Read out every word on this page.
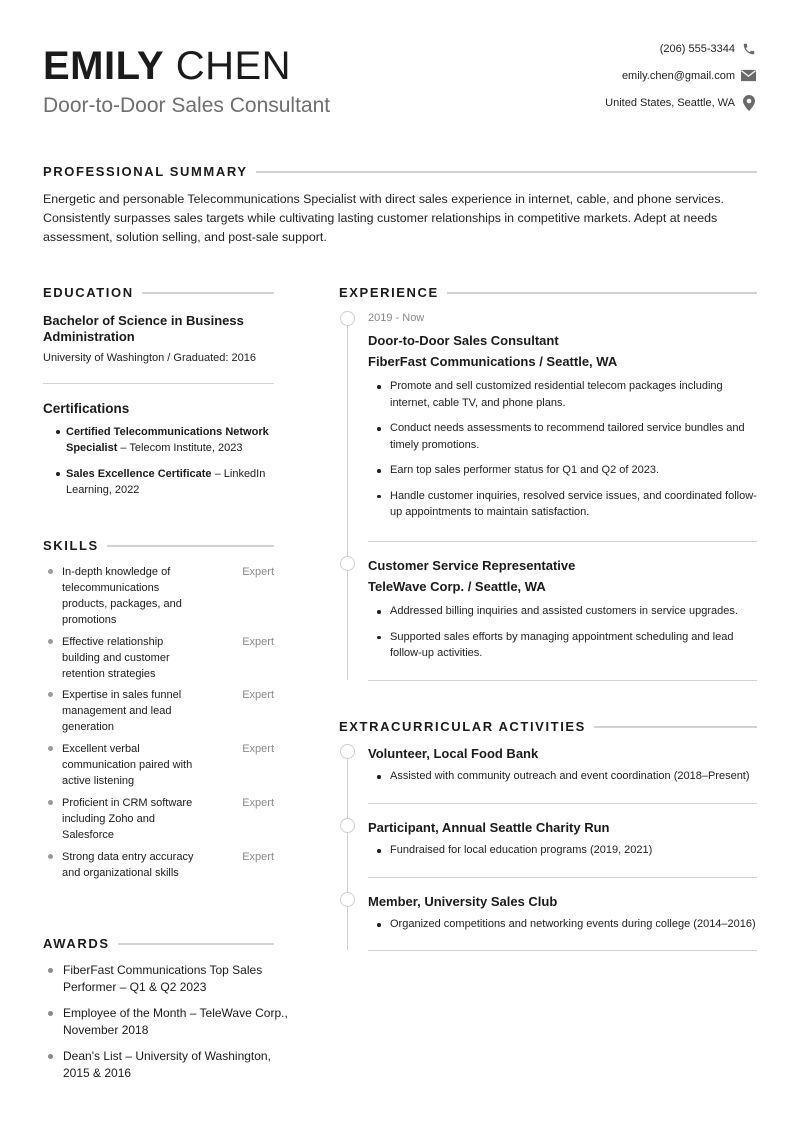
EMILY CHEN
Door-to-Door Sales Consultant
(206) 555-3344
emily.chen@gmail.com
United States, Seattle, WA
PROFESSIONAL SUMMARY
Energetic and personable Telecommunications Specialist with direct sales experience in internet, cable, and phone services. Consistently surpasses sales targets while cultivating lasting customer relationships in competitive markets. Adept at needs assessment, solution selling, and post-sale support.
EDUCATION
Bachelor of Science in Business Administration
University of Washington / Graduated: 2016
Certifications
Certified Telecommunications Network Specialist – Telecom Institute, 2023
Sales Excellence Certificate – LinkedIn Learning, 2022
SKILLS
In-depth knowledge of telecommunications products, packages, and promotions
Expert
Effective relationship building and customer retention strategies
Expert
Expertise in sales funnel management and lead generation
Expert
Excellent verbal communication paired with active listening
Expert
Proficient in CRM software including Zoho and Salesforce
Expert
Strong data entry accuracy and organizational skills
Expert
AWARDS
FiberFast Communications Top Sales Performer – Q1 & Q2 2023
Employee of the Month – TeleWave Corp., November 2018
Dean's List – University of Washington, 2015 & 2016
EXPERIENCE
2019 - Now
Door-to-Door Sales Consultant
FiberFast Communications / Seattle, WA
Promote and sell customized residential telecom packages including internet, cable TV, and phone plans.
Conduct needs assessments to recommend tailored service bundles and timely promotions.
Earn top sales performer status for Q1 and Q2 of 2023.
Handle customer inquiries, resolved service issues, and coordinated follow-up appointments to maintain satisfaction.
Customer Service Representative
TeleWave Corp. / Seattle, WA
Addressed billing inquiries and assisted customers in service upgrades.
Supported sales efforts by managing appointment scheduling and lead follow-up activities.
EXTRACURRICULAR ACTIVITIES
Volunteer, Local Food Bank
Assisted with community outreach and event coordination (2018–Present)
Participant, Annual Seattle Charity Run
Fundraised for local education programs (2019, 2021)
Member, University Sales Club
Organized competitions and networking events during college (2014–2016)
